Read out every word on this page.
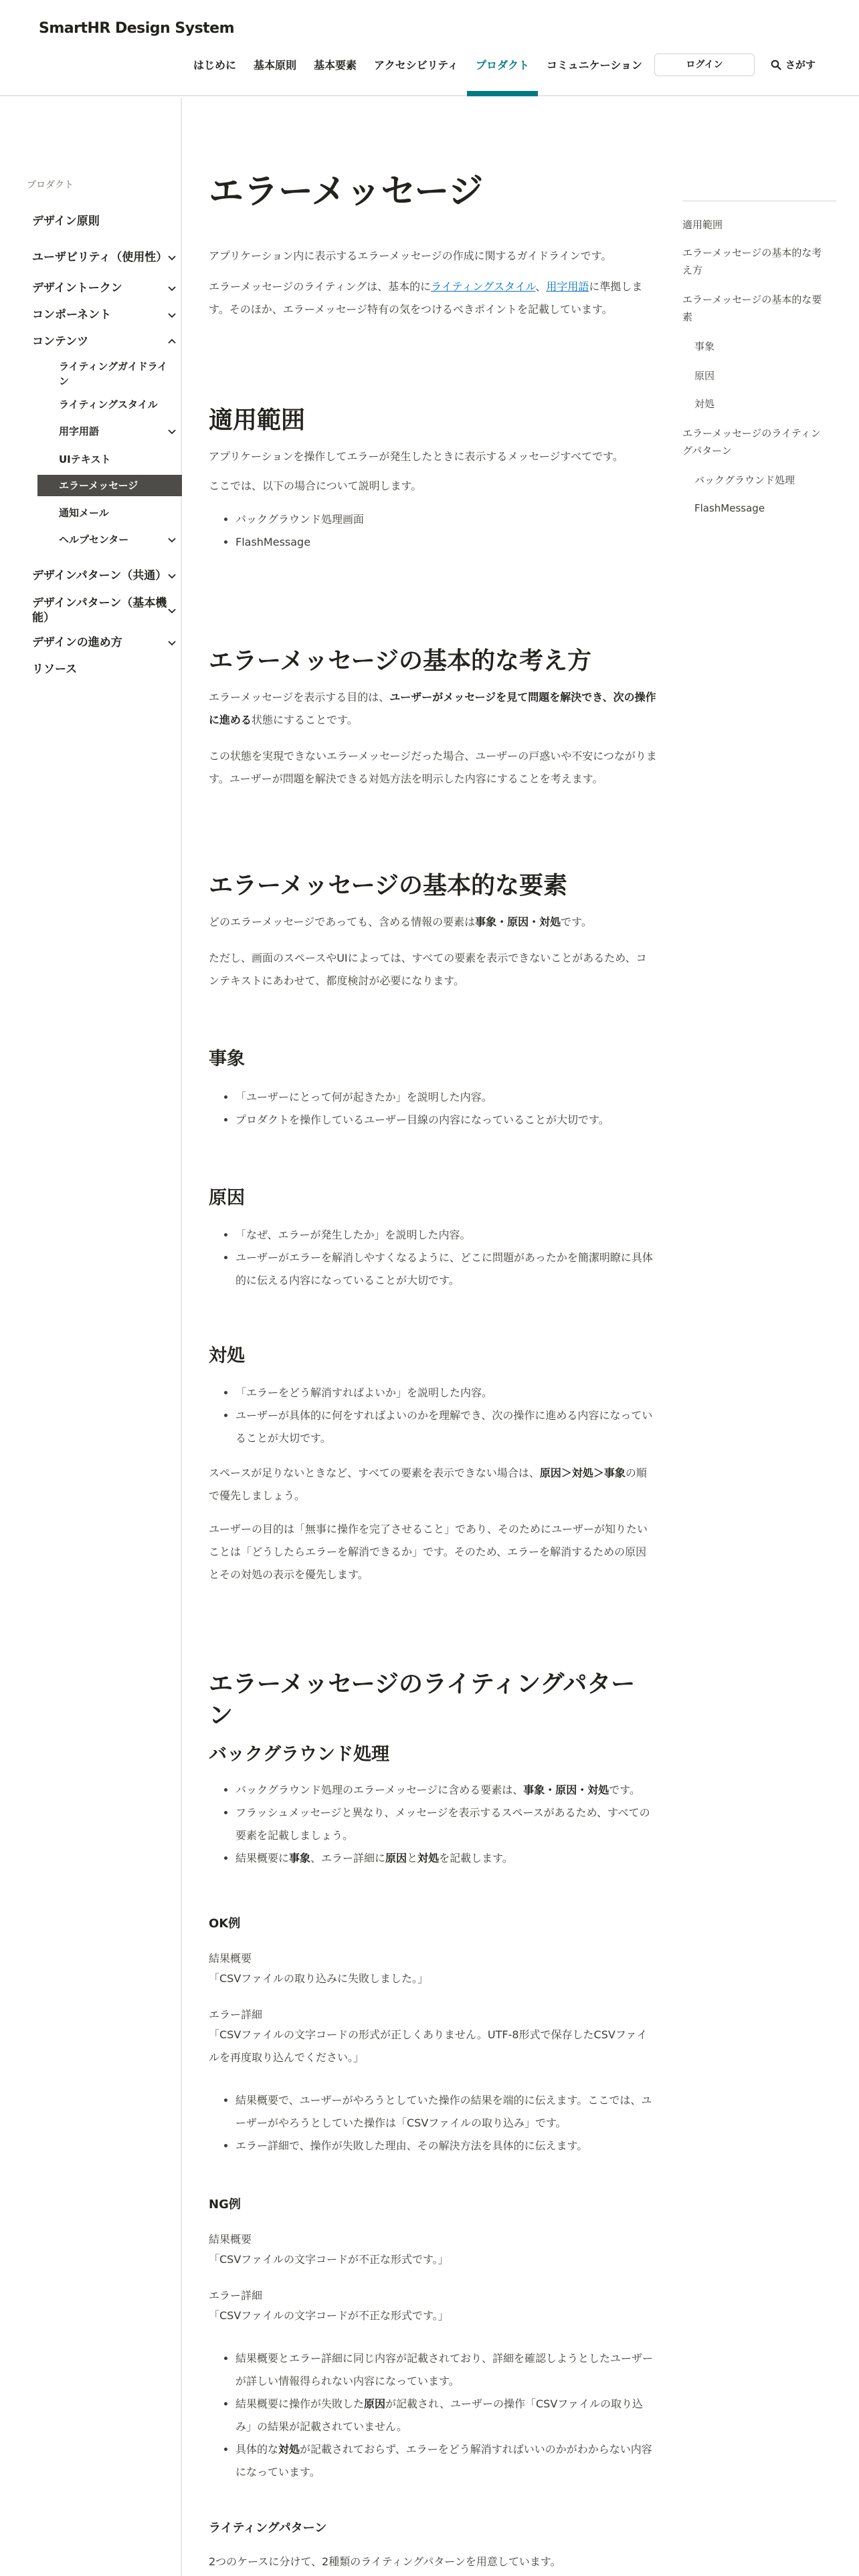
SmartHR Design System
はじめに	基本原則	基本要素	アクセシビリティ	プロダクト	コミュニケーション	ログイン	さがす
プロダクト
デザイン原則
ユーザビリティ（使用性）
デザイントークン
コンポーネント
コンテンツ
ライティングガイドライン
ライティングスタイル
用字用語
UIテキスト
エラーメッセージ
通知メール
ヘルプセンター
デザインパターン（共通）
デザインパターン（基本機能）
デザインの進め方
リソース
エラーメッセージ

アプリケーション内に表示するエラーメッセージの作成に関するガイドラインです。

エラーメッセージのライティングは、基本的にライティングスタイル、用字用語に準拠します。そのほか、エラーメッセージ特有の気をつけるべきポイントを記載しています。

適用範囲

アプリケーションを操作してエラーが発生したときに表示するメッセージすべてです。

ここでは、以下の場合について説明します。

• バックグラウンド処理画面
• FlashMessage
エラーメッセージの基本的な考え方

エラーメッセージを表示する目的は、ユーザーがメッセージを見て問題を解決でき、次の操作に進める状態にすることです。

この状態を実現できないエラーメッセージだった場合、ユーザーの戸惑いや不安につながります。ユーザーが問題を解決できる対処方法を明示した内容にすることを考えます。

エラーメッセージの基本的な要素

どのエラーメッセージであっても、含める情報の要素は事象・原因・対処です。

ただし、画面のスペースやUIによっては、すべての要素を表示できないことがあるため、コンテキストにあわせて、都度検討が必要になります。

事象
• 「ユーザーにとって何が起きたか」を説明した内容。
• プロダクトを操作しているユーザー目線の内容になっていることが大切です。
原因
• 「なぜ、エラーが発生したか」を説明した内容。
• ユーザーがエラーを解消しやすくなるように、どこに問題があったかを簡潔明瞭に具体的に伝える内容になっていることが大切です。
対処
• 「エラーをどう解消すればよいか」を説明した内容。
• ユーザーが具体的に何をすればよいのかを理解でき、次の操作に進める内容になっていることが大切です。

スペースが足りないときなど、すべての要素を表示できない場合は、原因＞対処＞事象の順で優先しましょう。

ユーザーの目的は「無事に操作を完了させること」であり、そのためにユーザーが知りたいことは「どうしたらエラーを解消できるか」です。そのため、エラーを解消するための原因とその対処の表示を優先します。

エラーメッセージのライティングパターン
バックグラウンド処理
• バックグラウンド処理のエラーメッセージに含める要素は、事象・原因・対処です。
• フラッシュメッセージと異なり、メッセージを表示するスペースがあるため、すべての要素を記載しましょう。
• 結果概要に事象、エラー詳細に原因と対処を記載します。
OK例

結果概要

「CSVファイルの取り込みに失敗しました。」

エラー詳細

「CSVファイルの文字コードの形式が正しくありません。UTF-8形式で保存したCSVファイルを再度取り込んでください。」

• 結果概要で、ユーザーがやろうとしていた操作の結果を端的に伝えます。ここでは、ユーザーがやろうとしていた操作は「CSVファイルの取り込み」です。
• エラー詳細で、操作が失敗した理由、その解決方法を具体的に伝えます。
NG例

結果概要

「CSVファイルの文字コードが不正な形式です。」

エラー詳細

「CSVファイルの文字コードが不正な形式です。」

• 結果概要とエラー詳細に同じ内容が記載されており、詳細を確認しようとしたユーザーが詳しい情報得られない内容になっています。
• 結果概要に操作が失敗した原因が記載され、ユーザーの操作「CSVファイルの取り込み」の結果が記載されていません。
• 具体的な対処が記載されておらず、エラーをどう解消すればいいのかがわからない内容になっています。
ライティングパターン

2つのケースに分けて、2種類のライティングパターンを用意しています。

適用範囲
エラーメッセージの基本的な考え方
エラーメッセージの基本的な要素
事象
原因
対処
エラーメッセージのライティングパターン
バックグラウンド処理
FlashMessage
